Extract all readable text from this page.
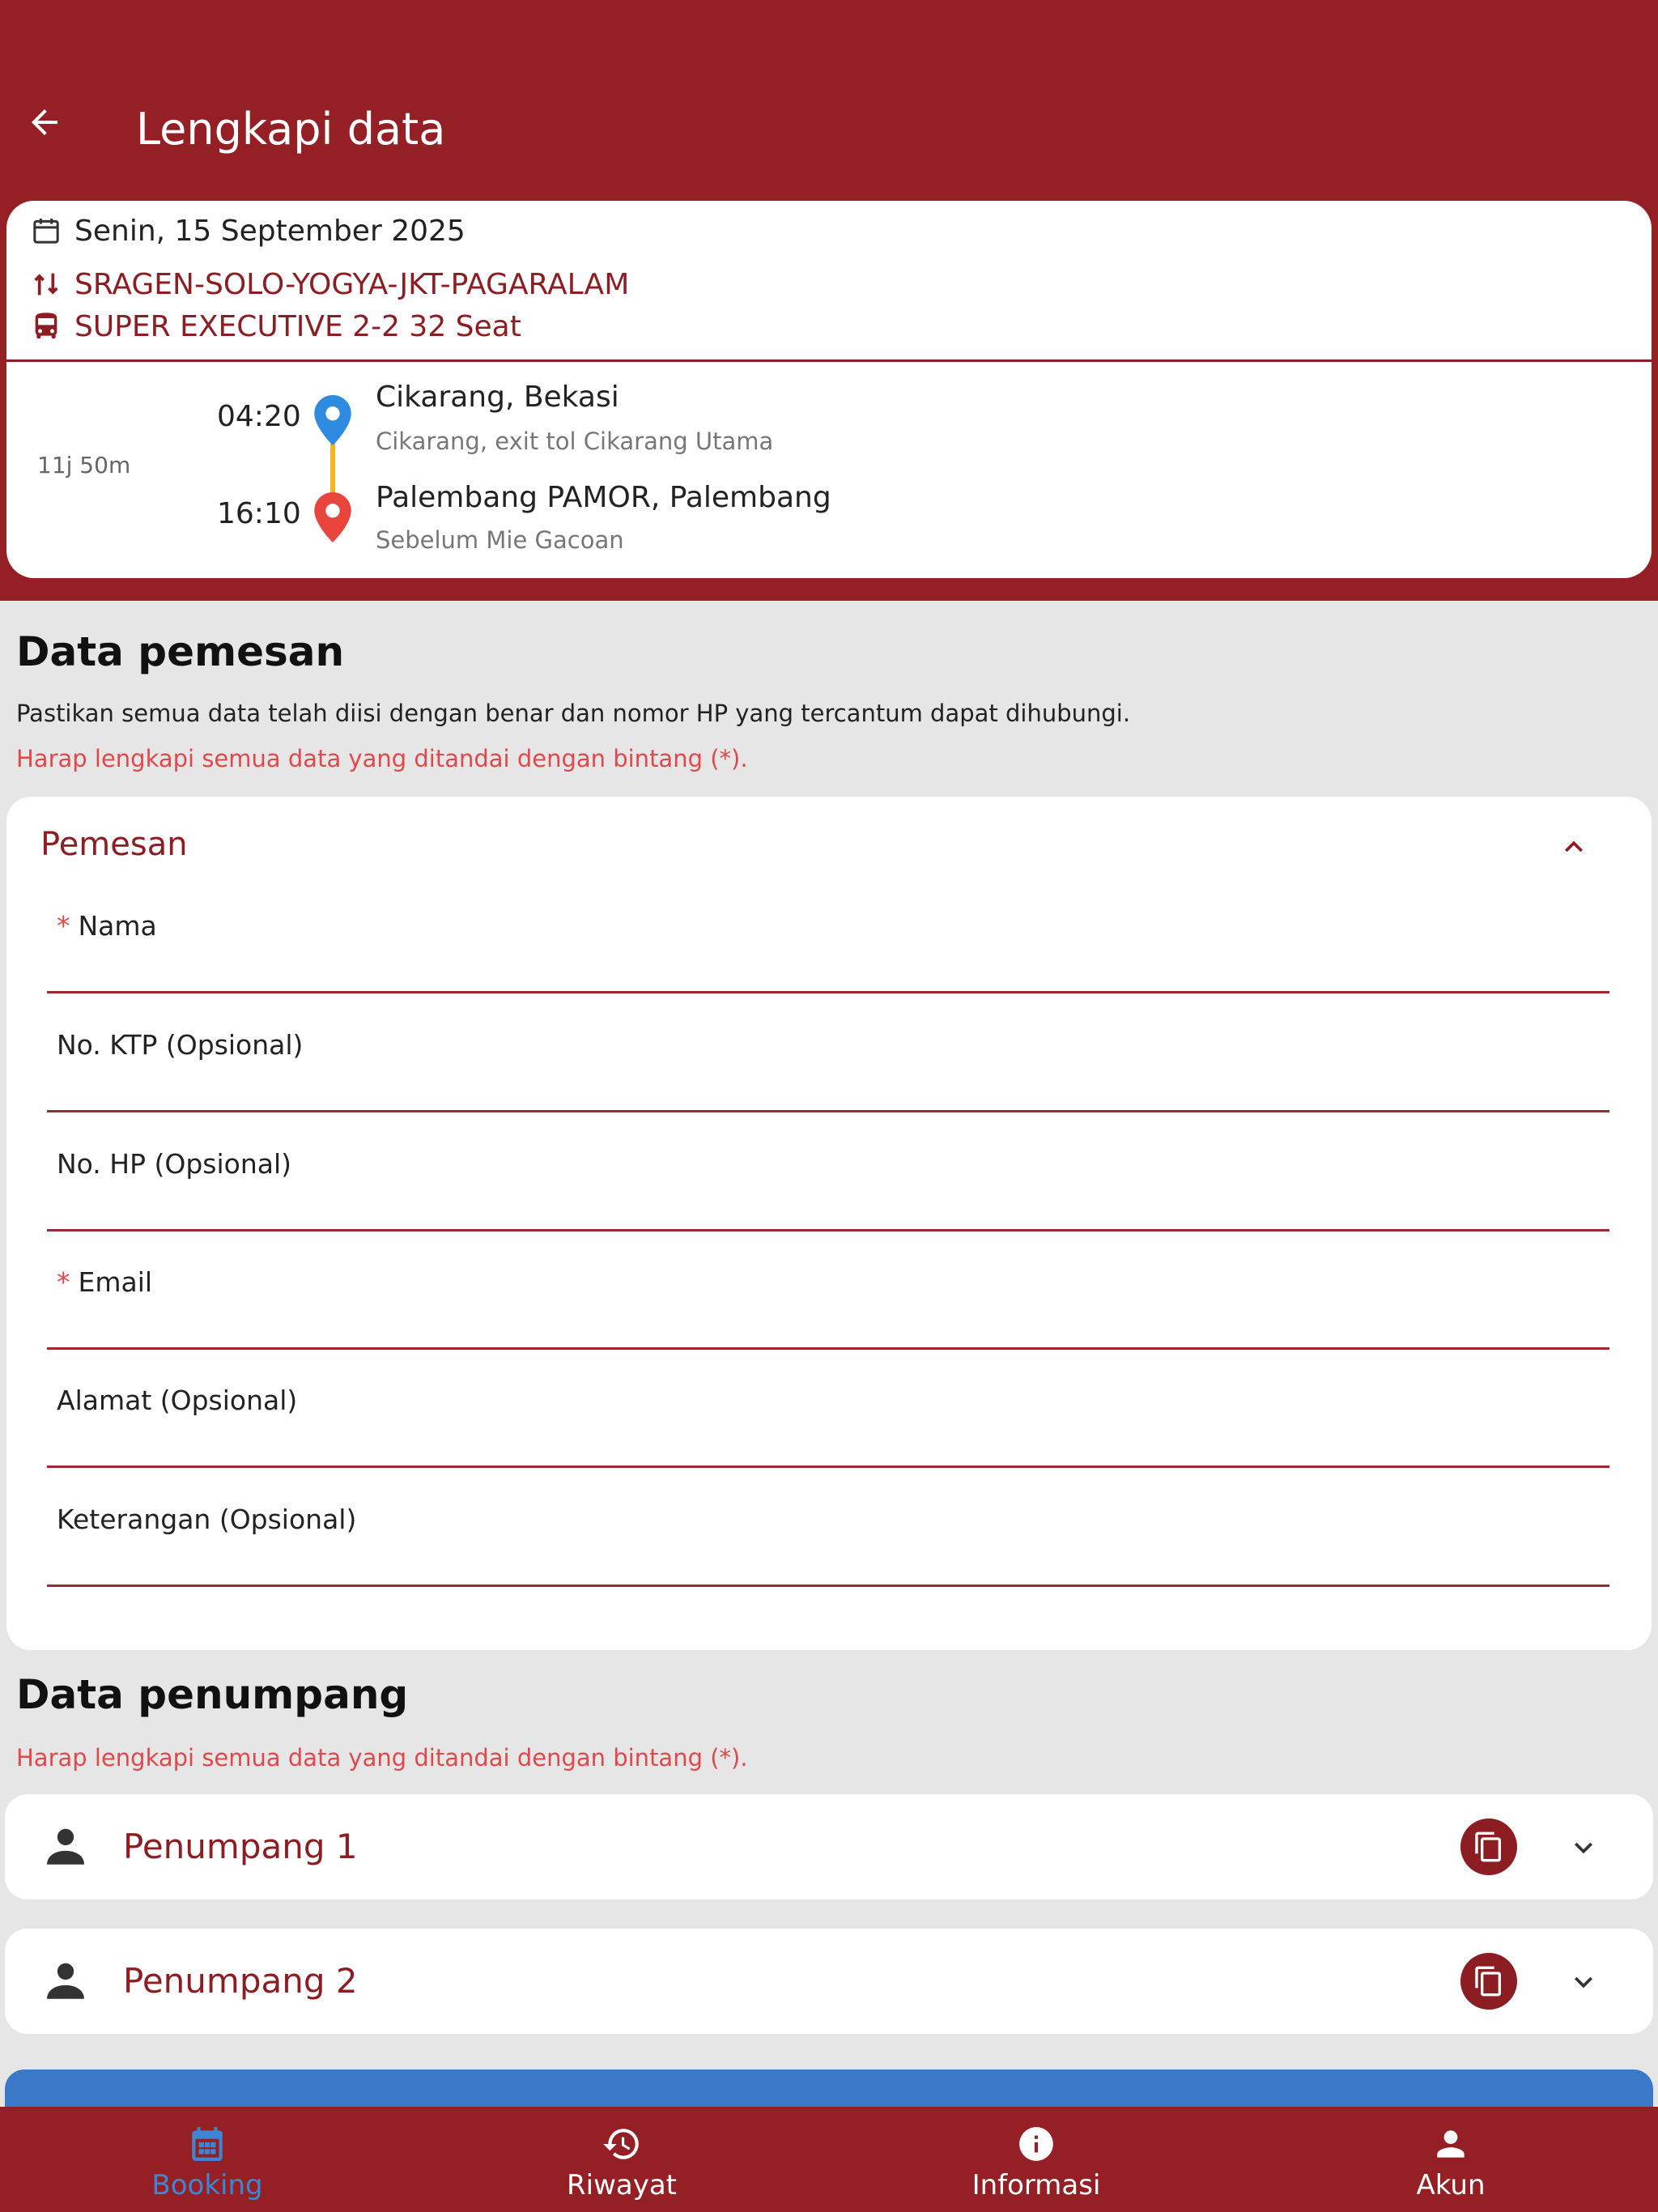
Lengkapi data
Senin, 15 September 2025
SRAGEN-SOLO-YOGYA-JKT-PAGARALAM
SUPER EXECUTIVE 2-2 32 Seat
11j 50m
04:20
16:10
Cikarang, Bekasi
Cikarang, exit tol Cikarang Utama
Palembang PAMOR, Palembang
Sebelum Mie Gacoan
Data pemesan
Pastikan semua data telah diisi dengan benar dan nomor HP yang tercantum dapat dihubungi.
Harap lengkapi semua data yang ditandai dengan bintang (*).
Pemesan
* Nama
No. KTP (Opsional)
No. HP (Opsional)
* Email
Alamat (Opsional)
Keterangan (Opsional)
Data penumpang
Harap lengkapi semua data yang ditandai dengan bintang (*).
Penumpang 1
Penumpang 2
Booking	Riwayat	Informasi	Akun
